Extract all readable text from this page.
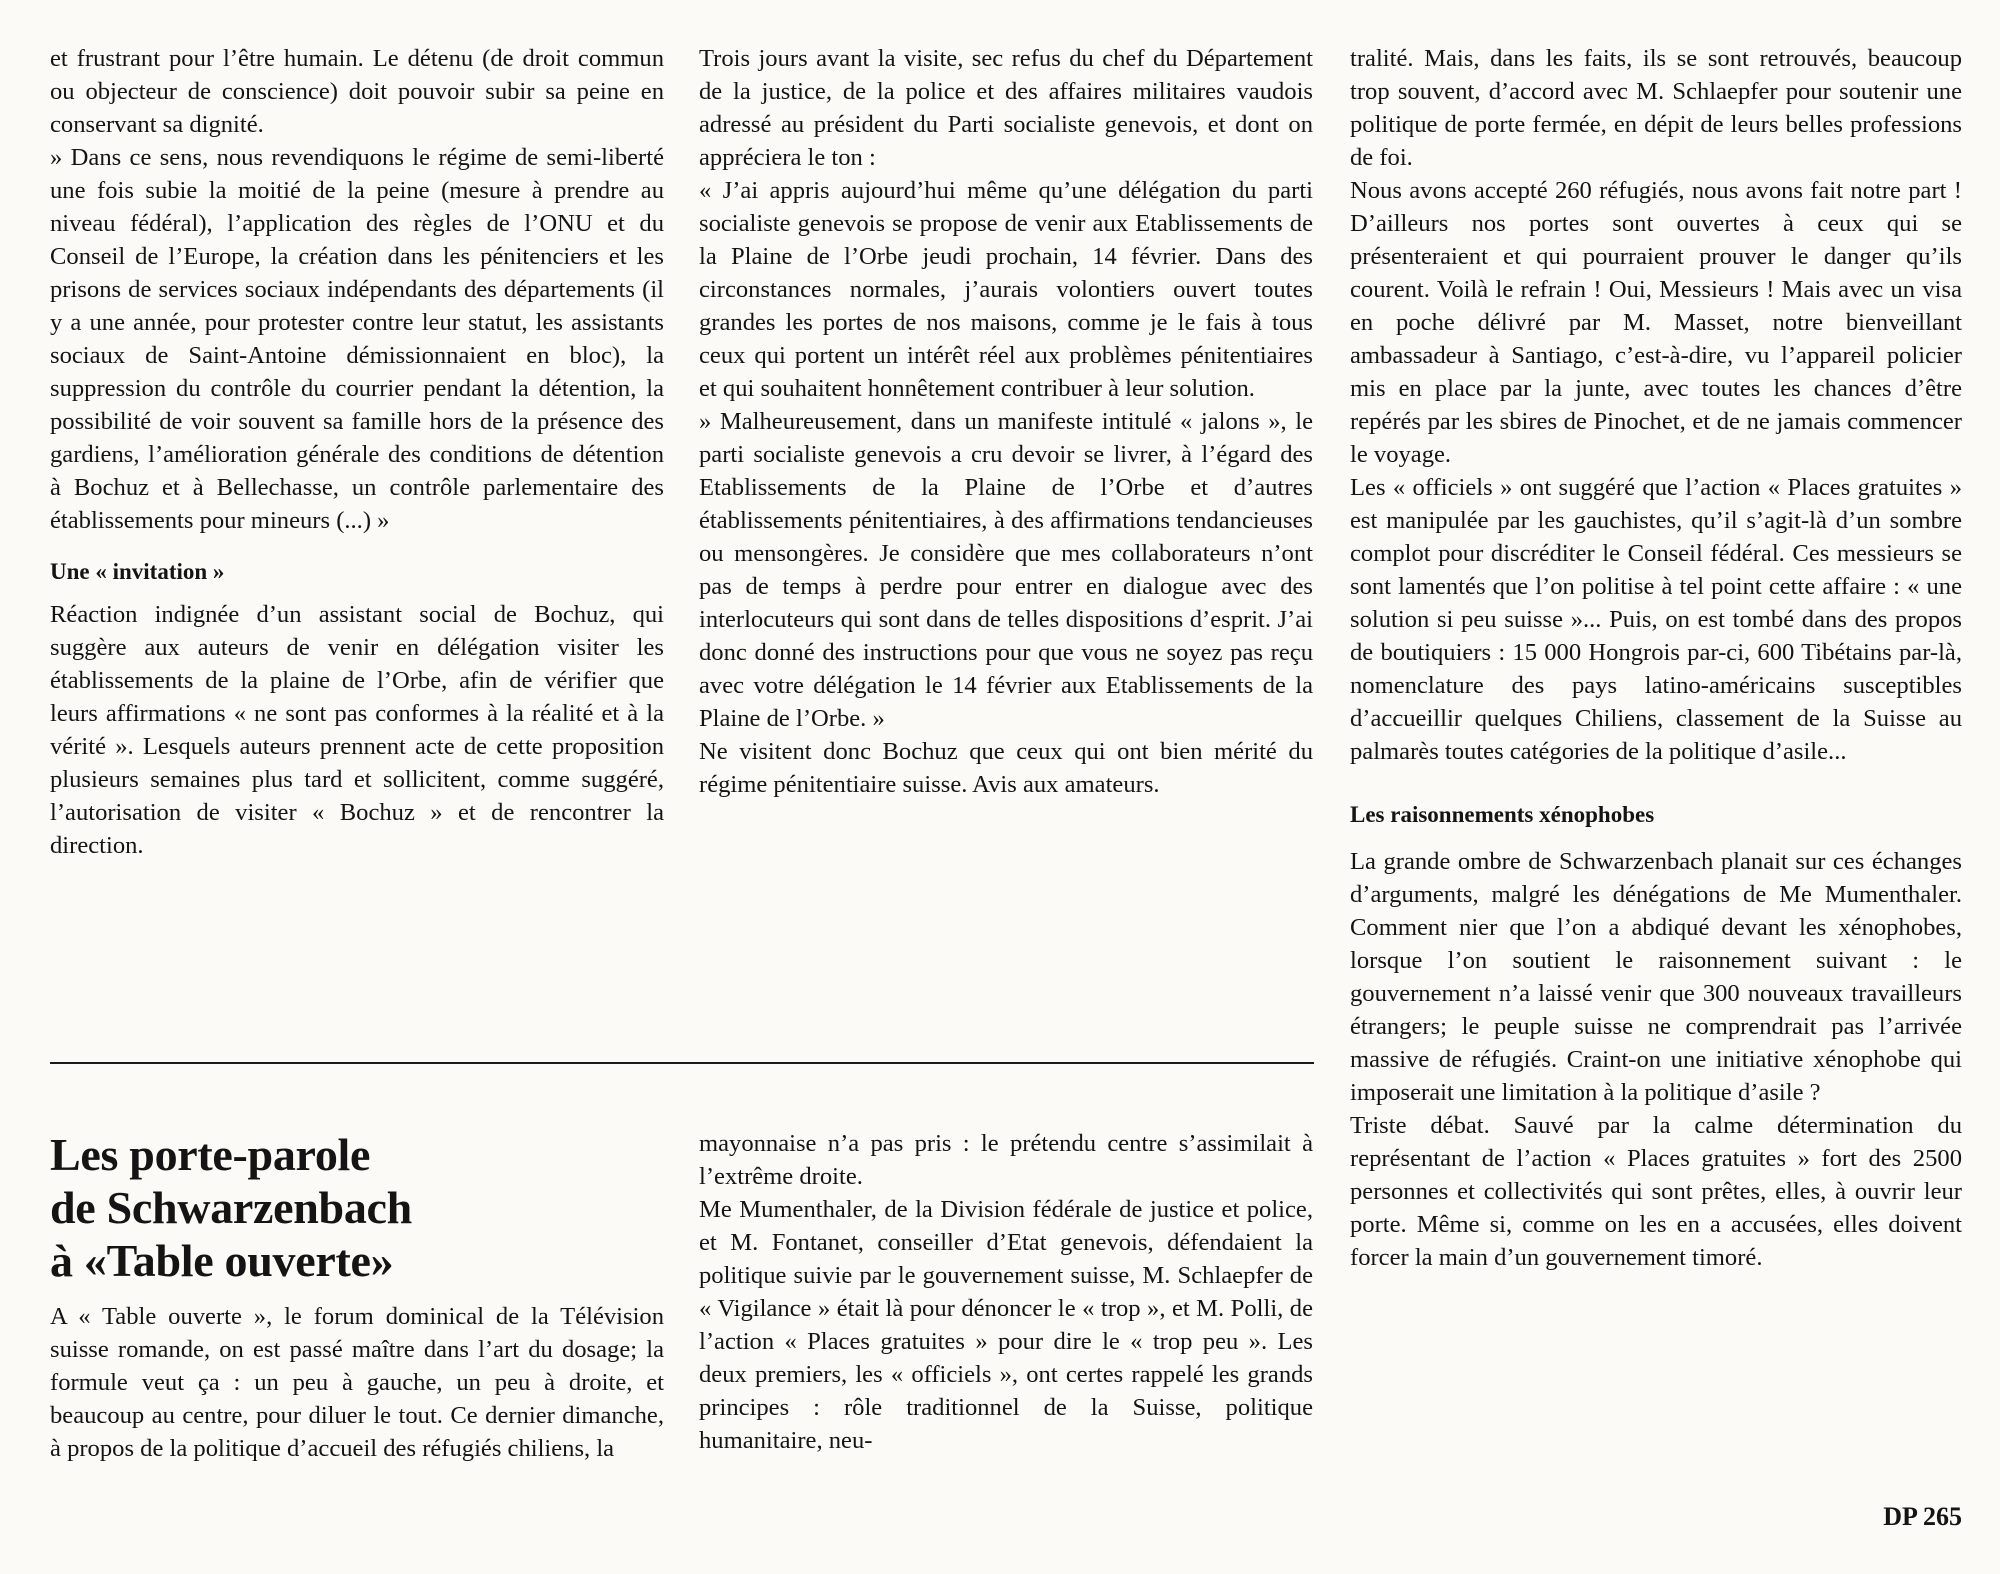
et frustrant pour l’être humain. Le détenu (de droit commun ou objecteur de conscience) doit pouvoir subir sa peine en conservant sa dignité.

» Dans ce sens, nous revendiquons le régime de semi-liberté une fois subie la moitié de la peine (mesure à prendre au niveau fédéral), l’application des règles de l’ONU et du Conseil de l’Europe, la création dans les pénitenciers et les prisons de services sociaux indépendants des départements (il y a une année, pour protester contre leur statut, les assistants sociaux de Saint-Antoine démissionnaient en bloc), la suppression du contrôle du courrier pendant la détention, la possibilité de voir souvent sa famille hors de la présence des gardiens, l’amélioration générale des conditions de détention à Bochuz et à Bellechasse, un contrôle parlementaire des établissements pour mineurs (...) »

Une « invitation »

Réaction indignée d’un assistant social de Bochuz, qui suggère aux auteurs de venir en délégation visiter les établissements de la plaine de l’Orbe, afin de vérifier que leurs affirmations « ne sont pas conformes à la réalité et à la vérité ». Lesquels auteurs prennent acte de cette proposition plusieurs semaines plus tard et sollicitent, comme suggéré, l’autorisation de visiter « Bochuz » et de rencontrer la direction.

Trois jours avant la visite, sec refus du chef du Département de la justice, de la police et des affaires militaires vaudois adressé au président du Parti socialiste genevois, et dont on appréciera le ton :

« J’ai appris aujourd’hui même qu’une délégation du parti socialiste genevois se propose de venir aux Etablissements de la Plaine de l’Orbe jeudi prochain, 14 février. Dans des circonstances normales, j’aurais volontiers ouvert toutes grandes les portes de nos maisons, comme je le fais à tous ceux qui portent un intérêt réel aux problèmes pénitentiaires et qui souhaitent honnêtement contribuer à leur solution.

» Malheureusement, dans un manifeste intitulé « jalons », le parti socialiste genevois a cru devoir se livrer, à l’égard des Etablissements de la Plaine de l’Orbe et d’autres établissements pénitentiaires, à des affirmations tendancieuses ou mensongères. Je considère que mes collaborateurs n’ont pas de temps à perdre pour entrer en dialogue avec des interlocuteurs qui sont dans de telles dispositions d’esprit. J’ai donc donné des instructions pour que vous ne soyez pas reçu avec votre délégation le 14 février aux Etablissements de la Plaine de l’Orbe. »

Ne visitent donc Bochuz que ceux qui ont bien mérité du régime pénitentiaire suisse. Avis aux amateurs.

tralité. Mais, dans les faits, ils se sont retrouvés, beaucoup trop souvent, d’accord avec M. Schlaepfer pour soutenir une politique de porte fermée, en dépit de leurs belles professions de foi.

Nous avons accepté 260 réfugiés, nous avons fait notre part ! D’ailleurs nos portes sont ouvertes à ceux qui se présenteraient et qui pourraient prouver le danger qu’ils courent. Voilà le refrain ! Oui, Messieurs ! Mais avec un visa en poche délivré par M. Masset, notre bienveillant ambassadeur à Santiago, c’est-à-dire, vu l’appareil policier mis en place par la junte, avec toutes les chances d’être repérés par les sbires de Pinochet, et de ne jamais commencer le voyage.

Les « officiels » ont suggéré que l’action « Places gratuites » est manipulée par les gauchistes, qu’il s’agit-là d’un sombre complot pour discréditer le Conseil fédéral. Ces messieurs se sont lamentés que l’on politise à tel point cette affaire : « une solution si peu suisse »... Puis, on est tombé dans des propos de boutiquiers : 15 000 Hongrois par-ci, 600 Tibétains par-là, nomenclature des pays latino-américains susceptibles d’accueillir quelques Chiliens, classement de la Suisse au palmarès toutes catégories de la politique d’asile...

Les raisonnements xénophobes

La grande ombre de Schwarzenbach planait sur ces échanges d’arguments, malgré les dénégations de Me Mumenthaler. Comment nier que l’on a abdiqué devant les xénophobes, lorsque l’on soutient le raisonnement suivant : le gouvernement n’a laissé venir que 300 nouveaux travailleurs étrangers; le peuple suisse ne comprendrait pas l’arrivée massive de réfugiés. Craint-on une initiative xénophobe qui imposerait une limitation à la politique d’asile ?

Triste débat. Sauvé par la calme détermination du représentant de l’action « Places gratuites » fort des 2500 personnes et collectivités qui sont prêtes, elles, à ouvrir leur porte. Même si, comme on les en a accusées, elles doivent forcer la main d’un gouvernement timoré.

Les porte-parole
de Schwarzenbach
à «Table ouverte»

A « Table ouverte », le forum dominical de la Télévision suisse romande, on est passé maître dans l’art du dosage; la formule veut ça : un peu à gauche, un peu à droite, et beaucoup au centre, pour diluer le tout. Ce dernier dimanche, à propos de la politique d’accueil des réfugiés chiliens, la

mayonnaise n’a pas pris : le prétendu centre s’assimilait à l’extrême droite.

Me Mumenthaler, de la Division fédérale de justice et police, et M. Fontanet, conseiller d’Etat genevois, défendaient la politique suivie par le gouvernement suisse, M. Schlaepfer de « Vigilance » était là pour dénoncer le « trop », et M. Polli, de l’action « Places gratuites » pour dire le « trop peu ». Les deux premiers, les « officiels », ont certes rappelé les grands principes : rôle traditionnel de la Suisse, politique humanitaire, neu-

DP 265
